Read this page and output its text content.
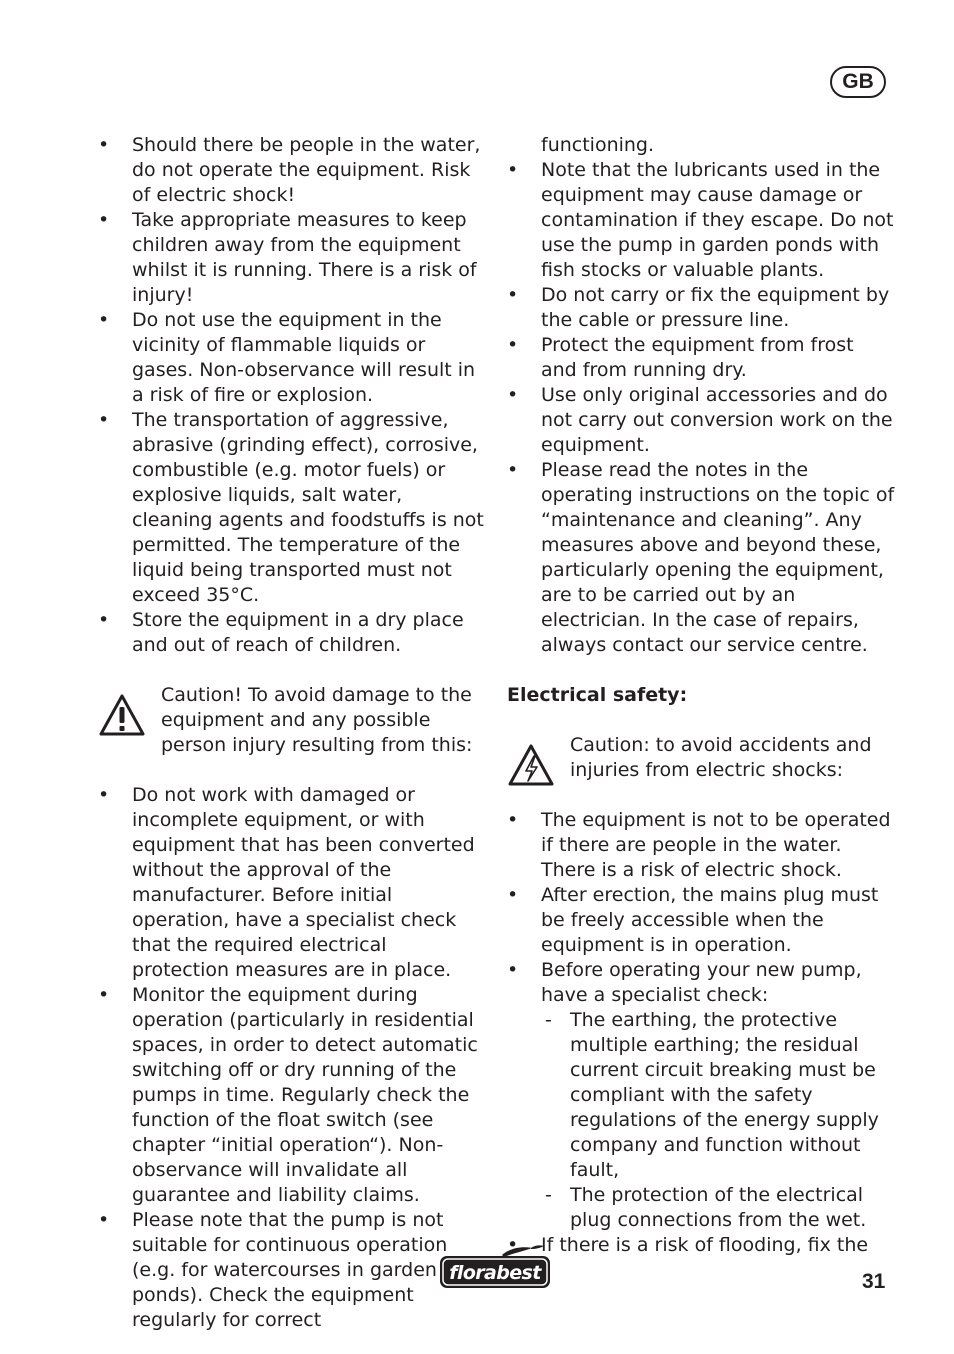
GB
• Should there be people in the water, do not operate the equipment. Risk of electric shock!
• Take appropriate measures to keep children away from the equipment whilst it is running. There is a risk of injury!
• Do not use the equipment in the vicinity of flammable liquids or gases. Non-observance will result in a risk of fire or explosion.
• The transportation of aggressive, abrasive (grinding effect), corrosive, combustible (e.g. motor fuels) or explosive liquids, salt water, cleaning agents and foodstuffs is not permitted. The temperature of the liquid being transported must not exceed 35°C.
• Store the equipment in a dry place and out of reach of children.
Caution! To avoid damage to the equipment and any possible person injury resulting from this:
• Do not work with damaged or incomplete equipment, or with equipment that has been converted without the approval of the manufacturer. Before initial operation, have a specialist check that the required electrical protection measures are in place.
• Monitor the equipment during operation (particularly in residential spaces, in order to detect automatic switching off or dry running of the pumps in time. Regularly check the function of the float switch (see chapter “initial operation“). Non-observance will invalidate all guarantee and liability claims.
• Please note that the pump is not suitable for continuous operation (e.g. for watercourses in garden ponds). Check the equipment regularly for correct
functioning.
• Note that the lubricants used in the equipment may cause damage or contamination if they escape. Do not use the pump in garden ponds with fish stocks or valuable plants.
• Do not carry or fix the equipment by the cable or pressure line.
• Protect the equipment from frost and from running dry.
• Use only original accessories and do not carry out conversion work on the equipment.
• Please read the notes in the operating instructions on the topic of “maintenance and cleaning”. Any measures above and beyond these, particularly opening the equipment, are to be carried out by an electrician. In the case of repairs, always contact our service centre.
Electrical safety:
Caution: to avoid accidents and injuries from electric shocks:
• The equipment is not to be operated if there are people in the water. There is a risk of electric shock.
• After erection, the mains plug must be freely accessible when the equipment is in operation.
• Before operating your new pump, have a specialist check:
- The earthing, the protective multiple earthing; the residual current circuit breaking must be compliant with the safety regulations of the energy supply company and function without fault,
- The protection of the electrical plug connections from the wet.
• If there is a risk of flooding, fix the
florabest	31
